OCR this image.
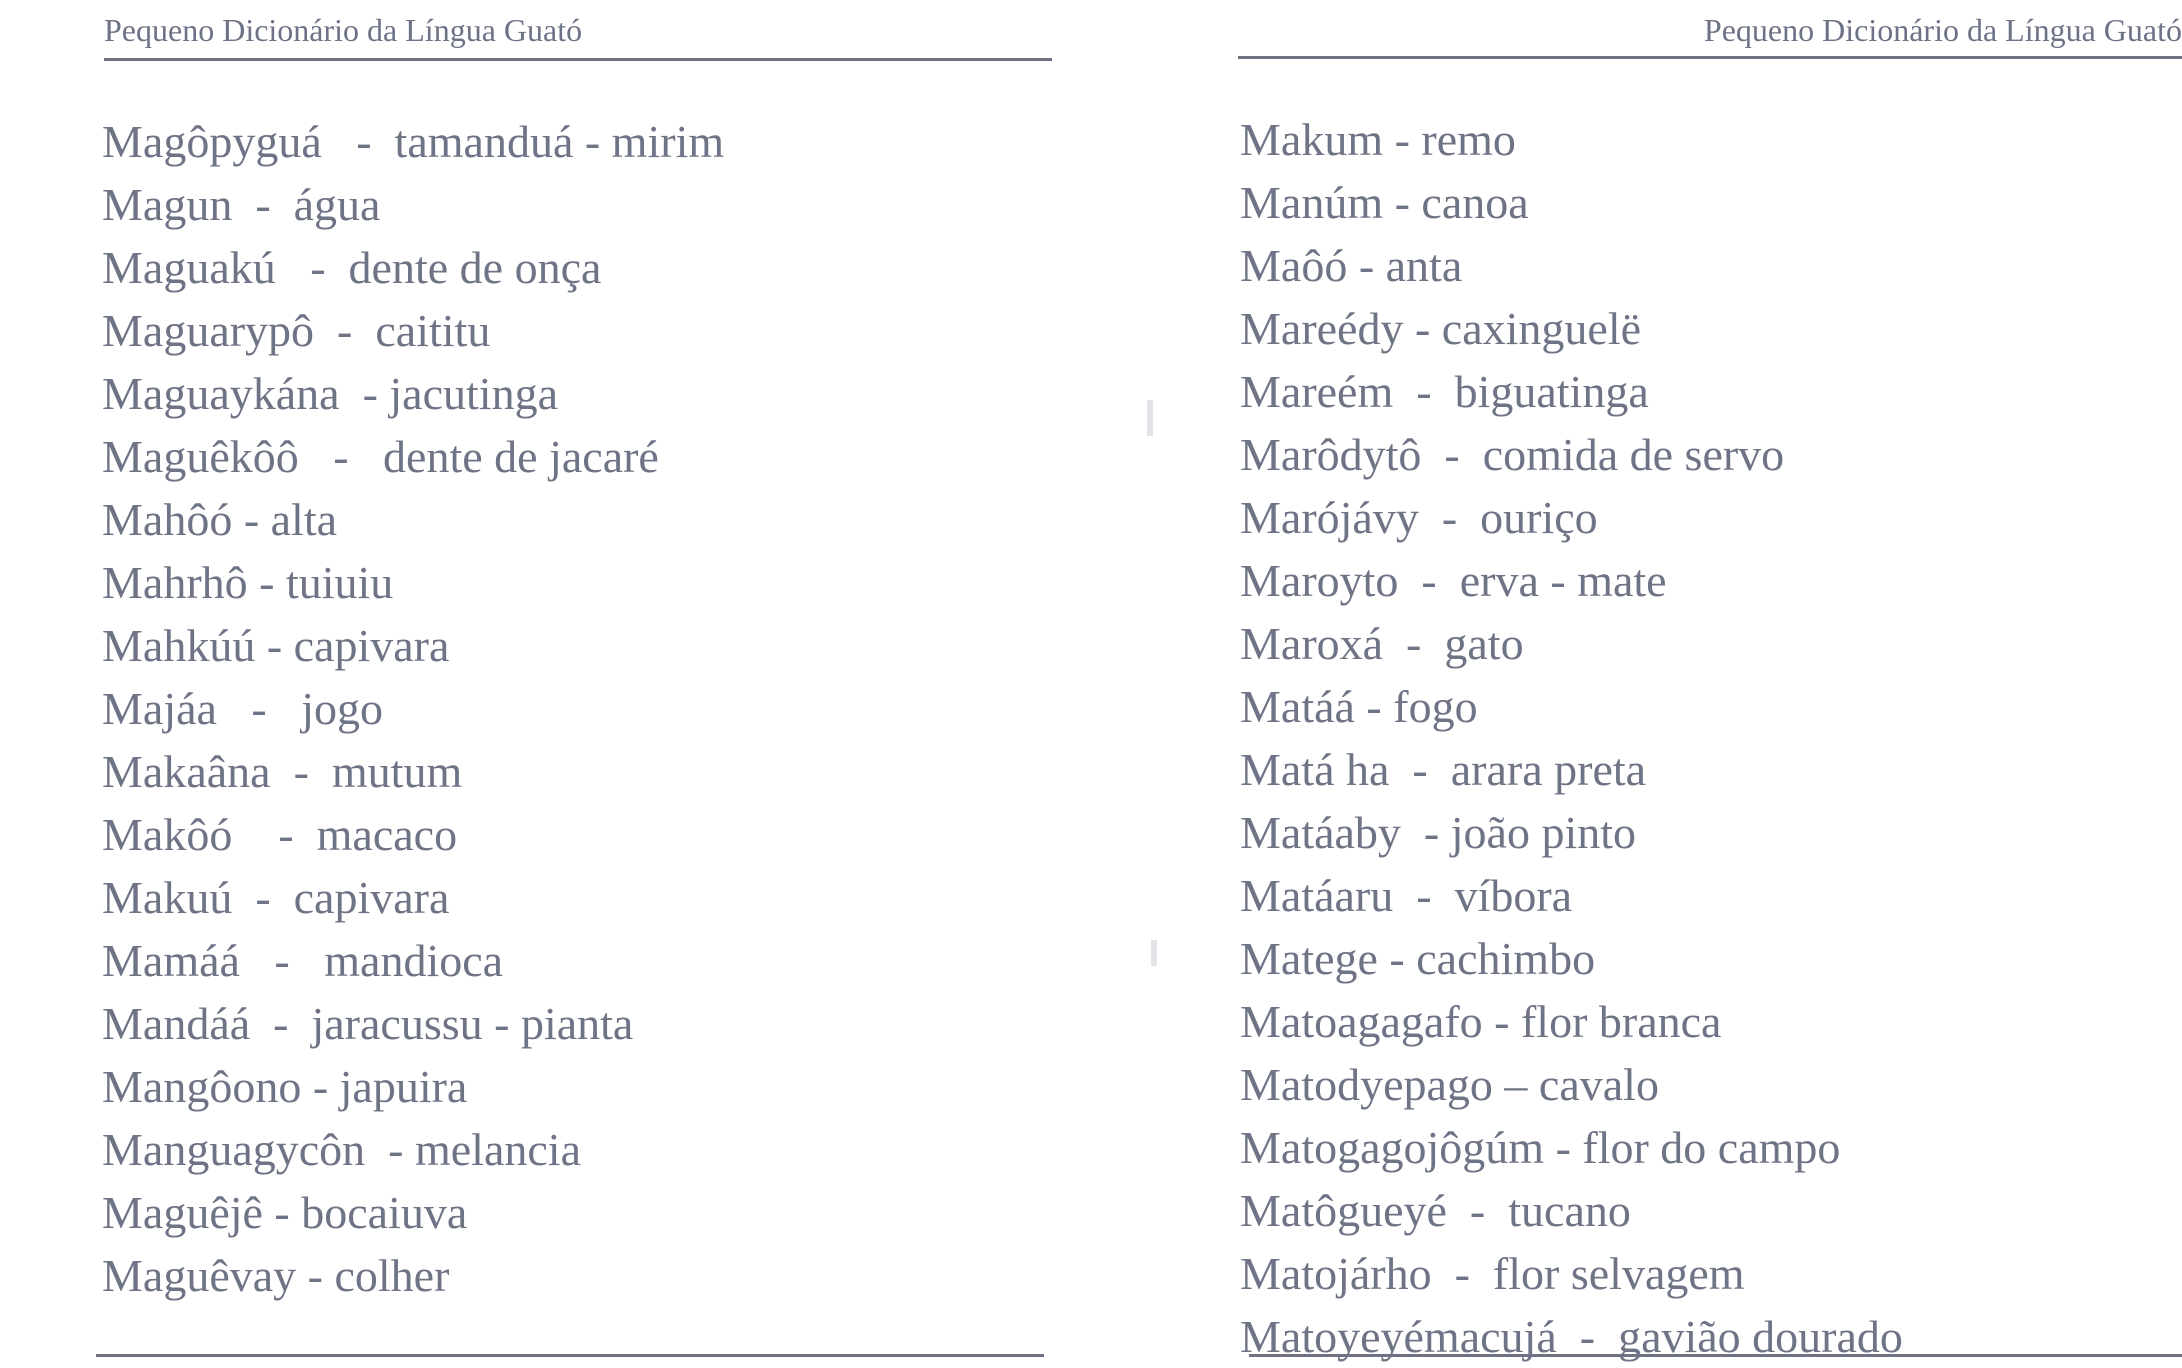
Pequeno Dicionário da Língua Guató
Magôpyguá   -  tamanduá - mirim
Magun  -  água
Maguakú   -  dente de onça
Maguarypô  -  caititu
Maguaykána  - jacutinga
Maguêkôô   -   dente de jacaré
Mahôó - alta
Mahrhô - tuiuiu
Mahkúú - capivara
Majáa   -   jogo
Makaâna  -  mutum
Makôó    -  macaco
Makuú  -  capivara
Mamáá   -   mandioca
Mandáá  -  jaracussu - pianta
Mangôono - japuira
Manguagycôn  - melancia
Maguêjê - bocaiuva
Maguêvay - colher
Pequeno Dicionário da Língua Guató
Makum - remo
Manúm - canoa
Maôó - anta
Mareédy - caxinguelë
Mareém  -  biguatinga
Marôdytô  -  comida de servo
Marójávy  -  ouriço
Maroyto  -  erva - mate
Maroxá  -  gato
Matáá - fogo
Matá ha  -  arara preta
Matáaby  - joão pinto
Matáaru  -  víbora
Matege - cachimbo
Matoagagafo - flor branca
Matodyepago – cavalo
Matogagojôgúm - flor do campo
Matôgueyé  -  tucano
Matojárho  -  flor selvagem
Matoyeyémacujá  -  gavião dourado
